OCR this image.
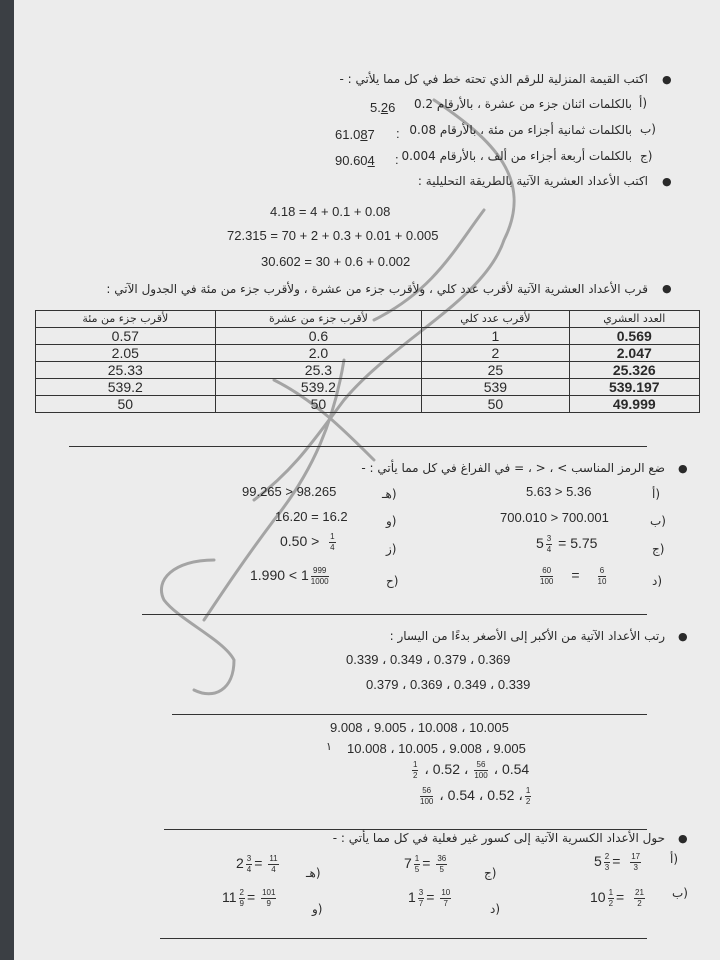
●
اكتب القيمة المنزلية للرقم الذي تحته خط في كل مما يلأتي : -
أ)
بالكلمات اثنان جزء من عشرة ، بالأرقام 0.2
5.26
ب)
بالكلمات ثمانية أجزاء من مئة ، بالأرقام 0.08
:
61.087
ج)
بالكلمات أربعة أجزاء من ألف ، بالأرقام 0.004
:
90.604
●
اكتب الأعداد العشرية الآتية بالطريقة التحليلية :
4.18 = 4 + 0.1 + 0.08
72.315 = 70 + 2 + 0.3 + 0.01 + 0.005
30.602 = 30 + 0.6 + 0.002
●
قرب الأعداد العشرية الآتية لأقرب عدد كلي ، ولأقرب جزء من عشرة ، ولأقرب جزء من مئة في الجدول الآتي :
لأقرب جزء من مئة	لأقرب جزء من عشرة	لأقرب عدد كلي	العدد العشري
0.57	0.6	1	0.569
2.05	2.0	2	2.047
25.33	25.3	25	25.326
539.2	539.2	539	539.197
50	50	50	49.999
●
ضع الرمز المناسب > ، < ، = في الفراغ في كل مما يأتي : -
أ)
5.63 > 5.36
ب)
700.010 > 700.001
ج)
$5 \frac{3}{4} = 5.75$
د)
$\frac{60}{100} = \frac{6}{10}$
هـ)
99.265 > 98.265
و)
16.20 = 16.2
ز)
$0.50 > \frac{1}{4}$
ح)
$1.990 < 1 \frac{999}{1000}$
●
رتب الأعداد الآتية من الأكبر إلى الأصغر بدءًا من اليسار :
0.339 ، 0.349 ، 0.379 ، 0.369
0.379 ، 0.369 ، 0.349 ، 0.339
9.008 ، 9.005 ، 10.008 ، 10.005
١ 10.008 ، 10.005 ، 9.008 ، 9.005
$\frac{1}{2}$ ، 0.52 ، $\frac{56}{100}$ ، 0.54
$\frac{56}{100}$ ، 0.54 ، 0.52 ، $\frac{1}{2}$
●
حول الأعداد الكسرية الآتية إلى كسور غير فعلية في كل مما يأتي : -
أ)
$5 \frac{2}{3} = \frac{17}{3}$
ج)
$7 \frac{1}{5} = \frac{36}{5}$
هـ)
$2 \frac{3}{4} = \frac{11}{4}$
ب)
$10 \frac{1}{2} = \frac{21}{2}$
د)
$1 \frac{3}{7} = \frac{10}{7}$
و)
$11 \frac{2}{9} = \frac{101}{9}$
